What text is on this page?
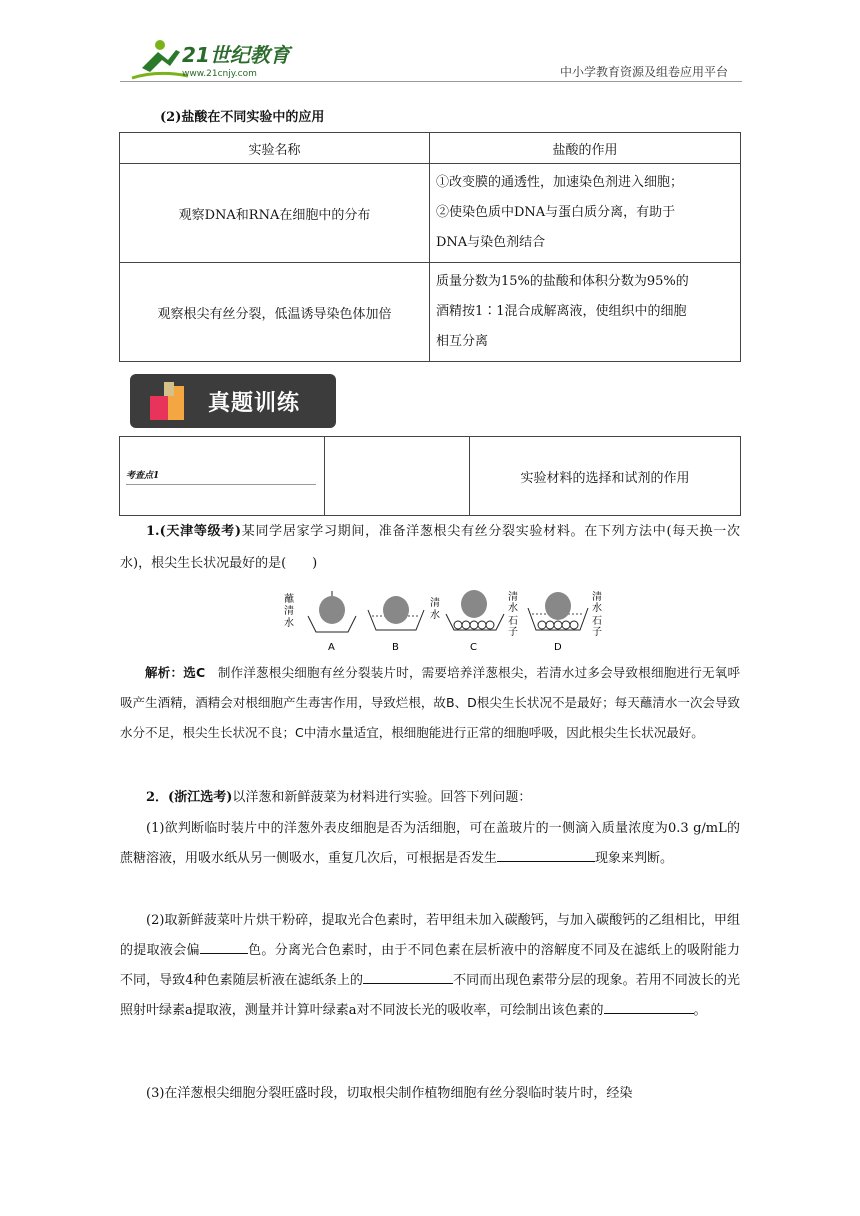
21世纪教育
www.21cnjy.com	中小学教育资源及组卷应用平台
(2)盐酸在不同实验中的应用
实验名称	盐酸的作用
观察DNA和RNA在细胞中的分布	①改变膜的通透性，加速染色剂进入细胞；
②使染色质中DNA与蛋白质分离，有助于
DNA与染色剂结合

观察根尖有丝分裂，低温诱导染色体加倍	质量分数为15%的盐酸和体积分数为95%的
酒精按1∶1混合成解离液，使组织中的细胞
相互分离
真题训练
考查点1		实验材料的选择和试剂的作用
1.(天津等级考)某同学居家学习期间，准备洋葱根尖有丝分裂实验材料。在下列方法中(每天换一次水)，根尖生长状况最好的是(　　)
蘸
清
水
A
清
水
B
清
水
石
子
C
清
水
石
子
D
解析：选C 制作洋葱根尖细胞有丝分裂装片时，需要培养洋葱根尖，若清水过多会导致根细胞进行无氧呼吸产生酒精，酒精会对根细胞产生毒害作用，导致烂根，故B、D根尖生长状况不是最好；每天蘸清水一次会导致水分不足，根尖生长状况不良；C中清水量适宜，根细胞能进行正常的细胞呼吸，因此根尖生长状况最好。
2．(浙江选考)以洋葱和新鲜菠菜为材料进行实验。回答下列问题：
(1)欲判断临时装片中的洋葱外表皮细胞是否为活细胞，可在盖玻片的一侧滴入质量浓度为0.3 g/mL的蔗糖溶液，用吸水纸从另一侧吸水，重复几次后，可根据是否发生	现象来判断。
(2)取新鲜菠菜叶片烘干粉碎，提取光合色素时，若甲组未加入碳酸钙，与加入碳酸钙的乙组相比，甲组的提取液会偏	色。分离光合色素时，由于不同色素在层析液中的溶解度不同及在滤纸上的吸附能力不同，导致4种色素随层析液在滤纸条上的	不同而出现色素带分层的现象。若用不同波长的光照射叶绿素a提取液，测量并计算叶绿素a对不同波长光的吸收率，可绘制出该色素的	。
(3)在洋葱根尖细胞分裂旺盛时段，切取根尖制作植物细胞有丝分裂临时装片时，经染
